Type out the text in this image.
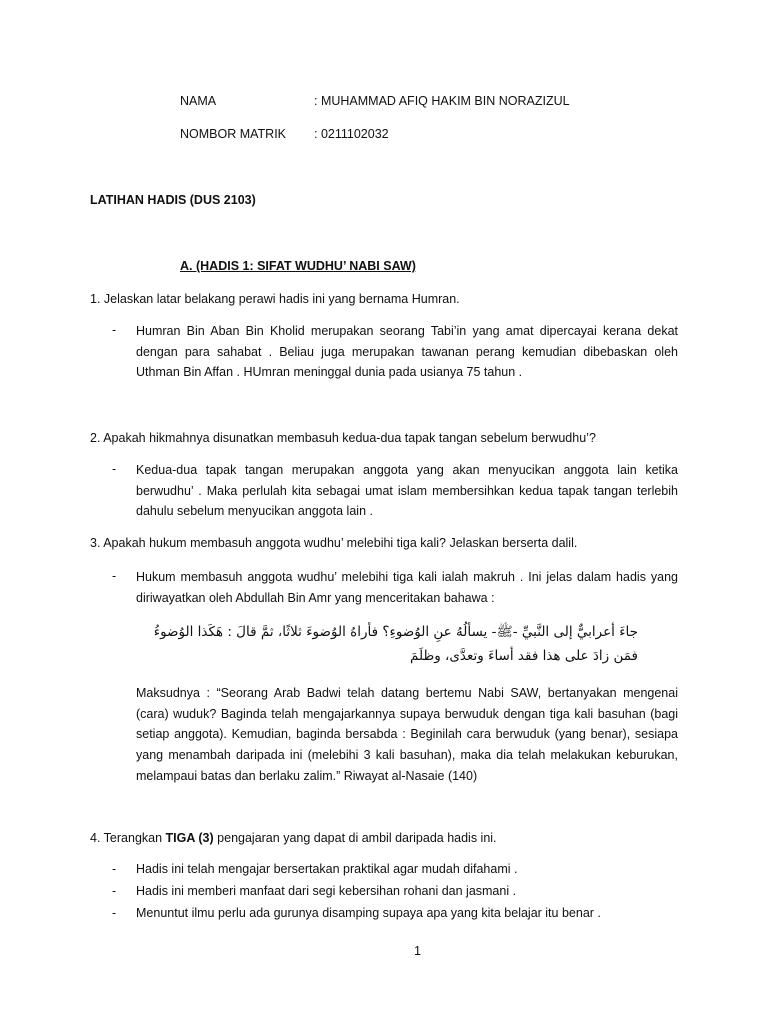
NAMA	: MUHAMMAD AFIQ HAKIM BIN NORAZIZUL
NOMBOR MATRIK : 0211102032
LATIHAN HADIS (DUS 2103)
A. (HADIS 1: SIFAT WUDHU’ NABI SAW)
1. Jelaskan latar belakang perawi hadis ini yang bernama Humran.
- Humran Bin Aban Bin Kholid merupakan seorang Tabi’in yang amat dipercayai kerana dekat dengan para sahabat . Beliau juga merupakan tawanan perang kemudian dibebaskan oleh Uthman Bin Affan . HUmran meninggal dunia pada usianya 75 tahun .
2. Apakah hikmahnya disunatkan membasuh kedua-dua tapak tangan sebelum berwudhu’?
- Kedua-dua tapak tangan merupakan anggota yang akan menyucikan anggota lain ketika berwudhu’ . Maka perlulah kita sebagai umat islam membersihkan kedua tapak tangan terlebih dahulu sebelum menyucikan anggota lain .
3. Apakah hukum membasuh anggota wudhu’ melebihi tiga kali? Jelaskan berserta dalil.
- Hukum membasuh anggota wudhu’ melebihi tiga kali ialah makruh . Ini jelas dalam hadis yang diriwayatkan oleh Abdullah Bin Amr yang menceritakan bahawa :
جاءَ أعرابيٌّ إلى النَّبيِّ -ﷺ- يسألُهُ عنِ الوُضوءِ؟ فأراهُ الوُضوءَ ثلاثًا، ثمَّ قالَ : هَكَذا الوُضوءُ
فمَن زادَ على هذا فقد أساءَ وتعدَّى، وظلَمَ
Maksudnya : “Seorang Arab Badwi telah datang bertemu Nabi SAW, bertanyakan mengenai (cara) wuduk? Baginda telah mengajarkannya supaya berwuduk dengan tiga kali basuhan (bagi setiap anggota). Kemudian, baginda bersabda : Beginilah cara berwuduk (yang benar), sesiapa yang menambah daripada ini (melebihi 3 kali basuhan), maka dia telah melakukan keburukan, melampaui batas dan berlaku zalim.” Riwayat al-Nasaie (140)
4. Terangkan TIGA (3) pengajaran yang dapat di ambil daripada hadis ini.
- Hadis ini telah mengajar bersertakan praktikal agar mudah difahami .
- Hadis ini memberi manfaat dari segi kebersihan rohani dan jasmani .
- Menuntut ilmu perlu ada gurunya disamping supaya apa yang kita belajar itu benar .
1
